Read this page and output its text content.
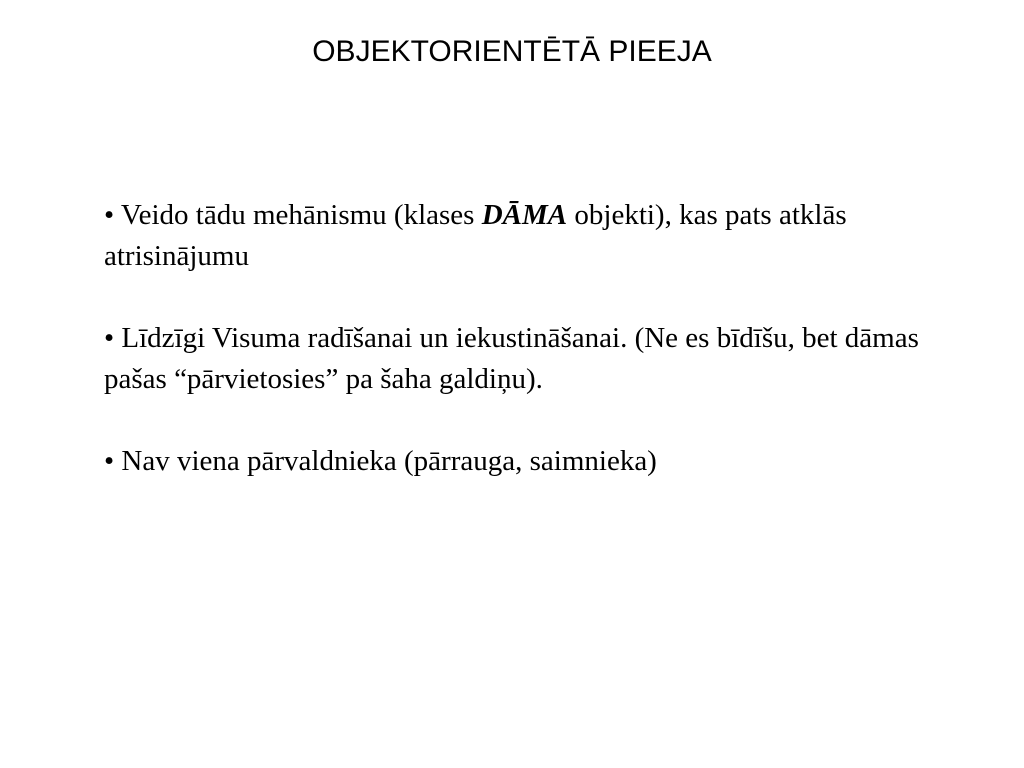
OBJEKTORIENTĒTĀ PIEEJA

• Veido tādu mehānismu (klases DĀMA objekti), kas pats atklās atrisinājumu

• Līdzīgi Visuma radīšanai un iekustināšanai. (Ne es bīdīšu, bet dāmas pašas “pārvietosies” pa šaha galdiņu).

• Nav viena pārvaldnieka (pārrauga, saimnieka)
